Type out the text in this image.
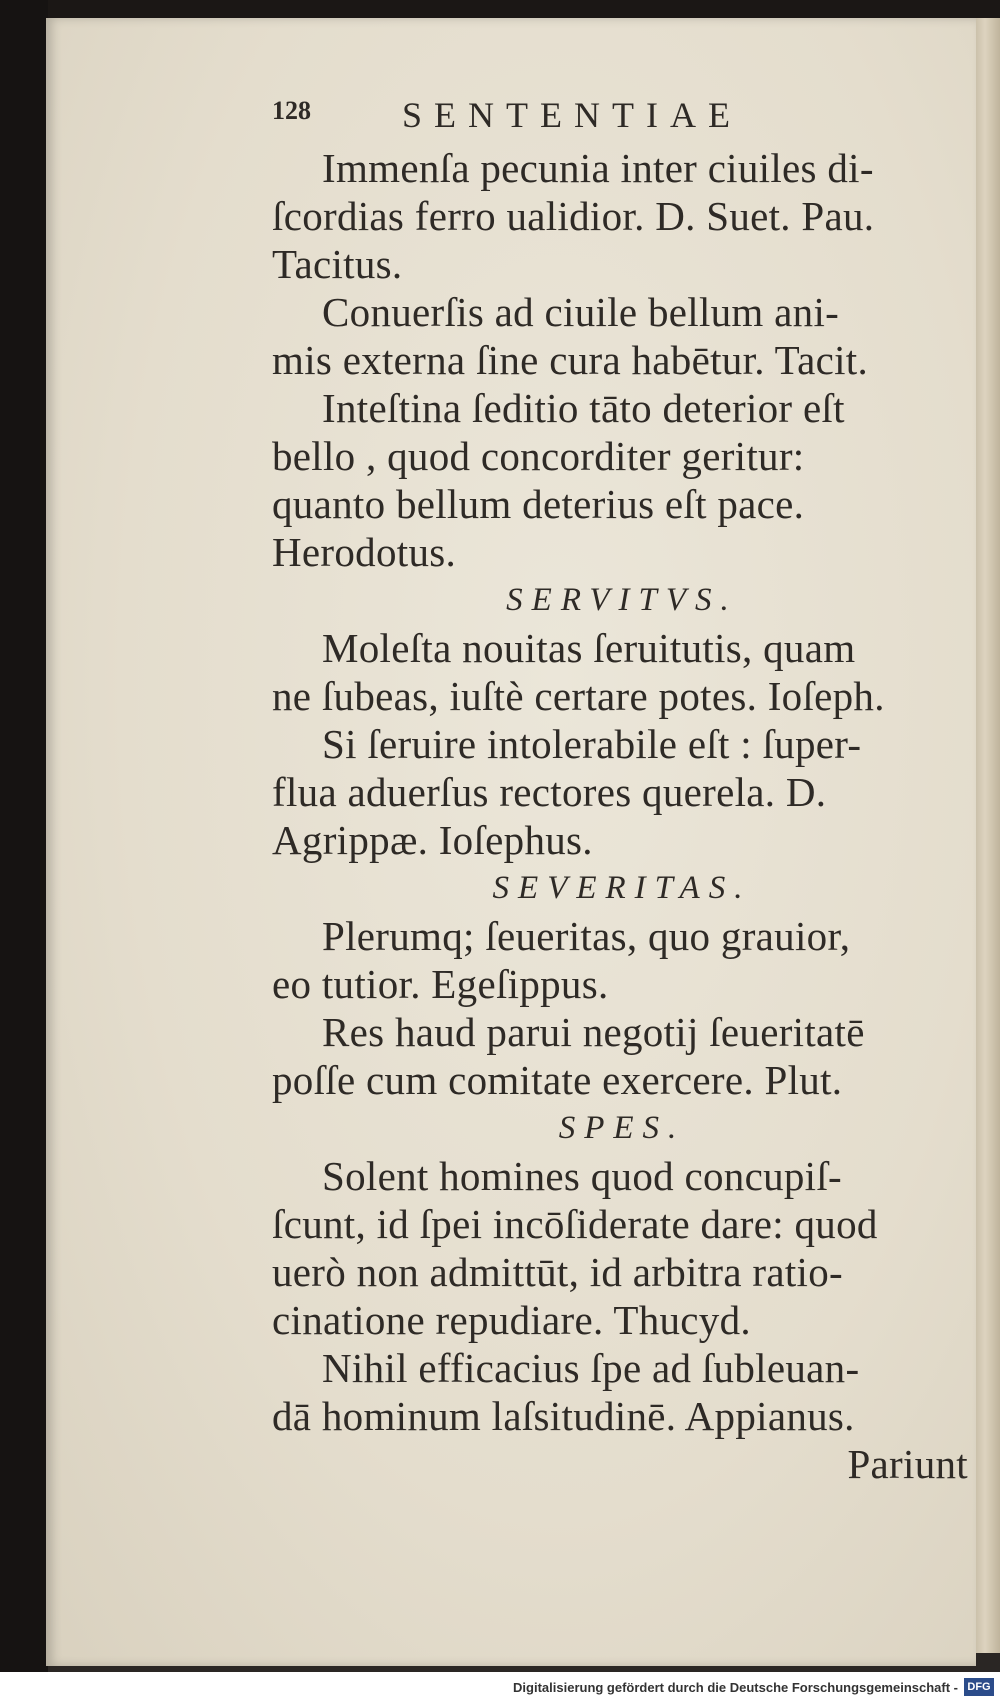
128	SENTENTIAE
Immenſa pecunia inter ciuiles di-
ſcordias ferro ualidior. D. Suet. Pau.
Tacitus.
Conuerſis ad ciuile bellum ani-
mis externa ſine cura habētur. Tacit.
Inteſtina ſeditio tāto deterior eſt
bello , quod concorditer geritur:
quanto bellum deterius eſt pace.
Herodotus.
SERVITVS.
Moleſta nouitas ſeruitutis, quam
ne ſubeas, iuſtè certare potes. Ioſeph.
Si ſeruire intolerabile eſt : ſuper-
flua aduerſus rectores querela. D.
Agrippæ. Ioſephus.
SEVERITAS.
Plerumq; ſeueritas, quo grauior,
eo tutior. Egeſippus.
Res haud parui negotij ſeueritatē
poſſe cum comitate exercere. Plut.
SPES.
Solent homines quod concupiſ-
ſcunt, id ſpei incōſiderate dare: quod
uerò non admittūt, id arbitra ratio-
cinatione repudiare. Thucyd.
Nihil efficacius ſpe ad ſubleuan-
dā hominum laſsitudinē. Appianus.
Pariunt
Digitalisierung gefördert durch die Deutsche Forschungsgemeinschaft - DFG
